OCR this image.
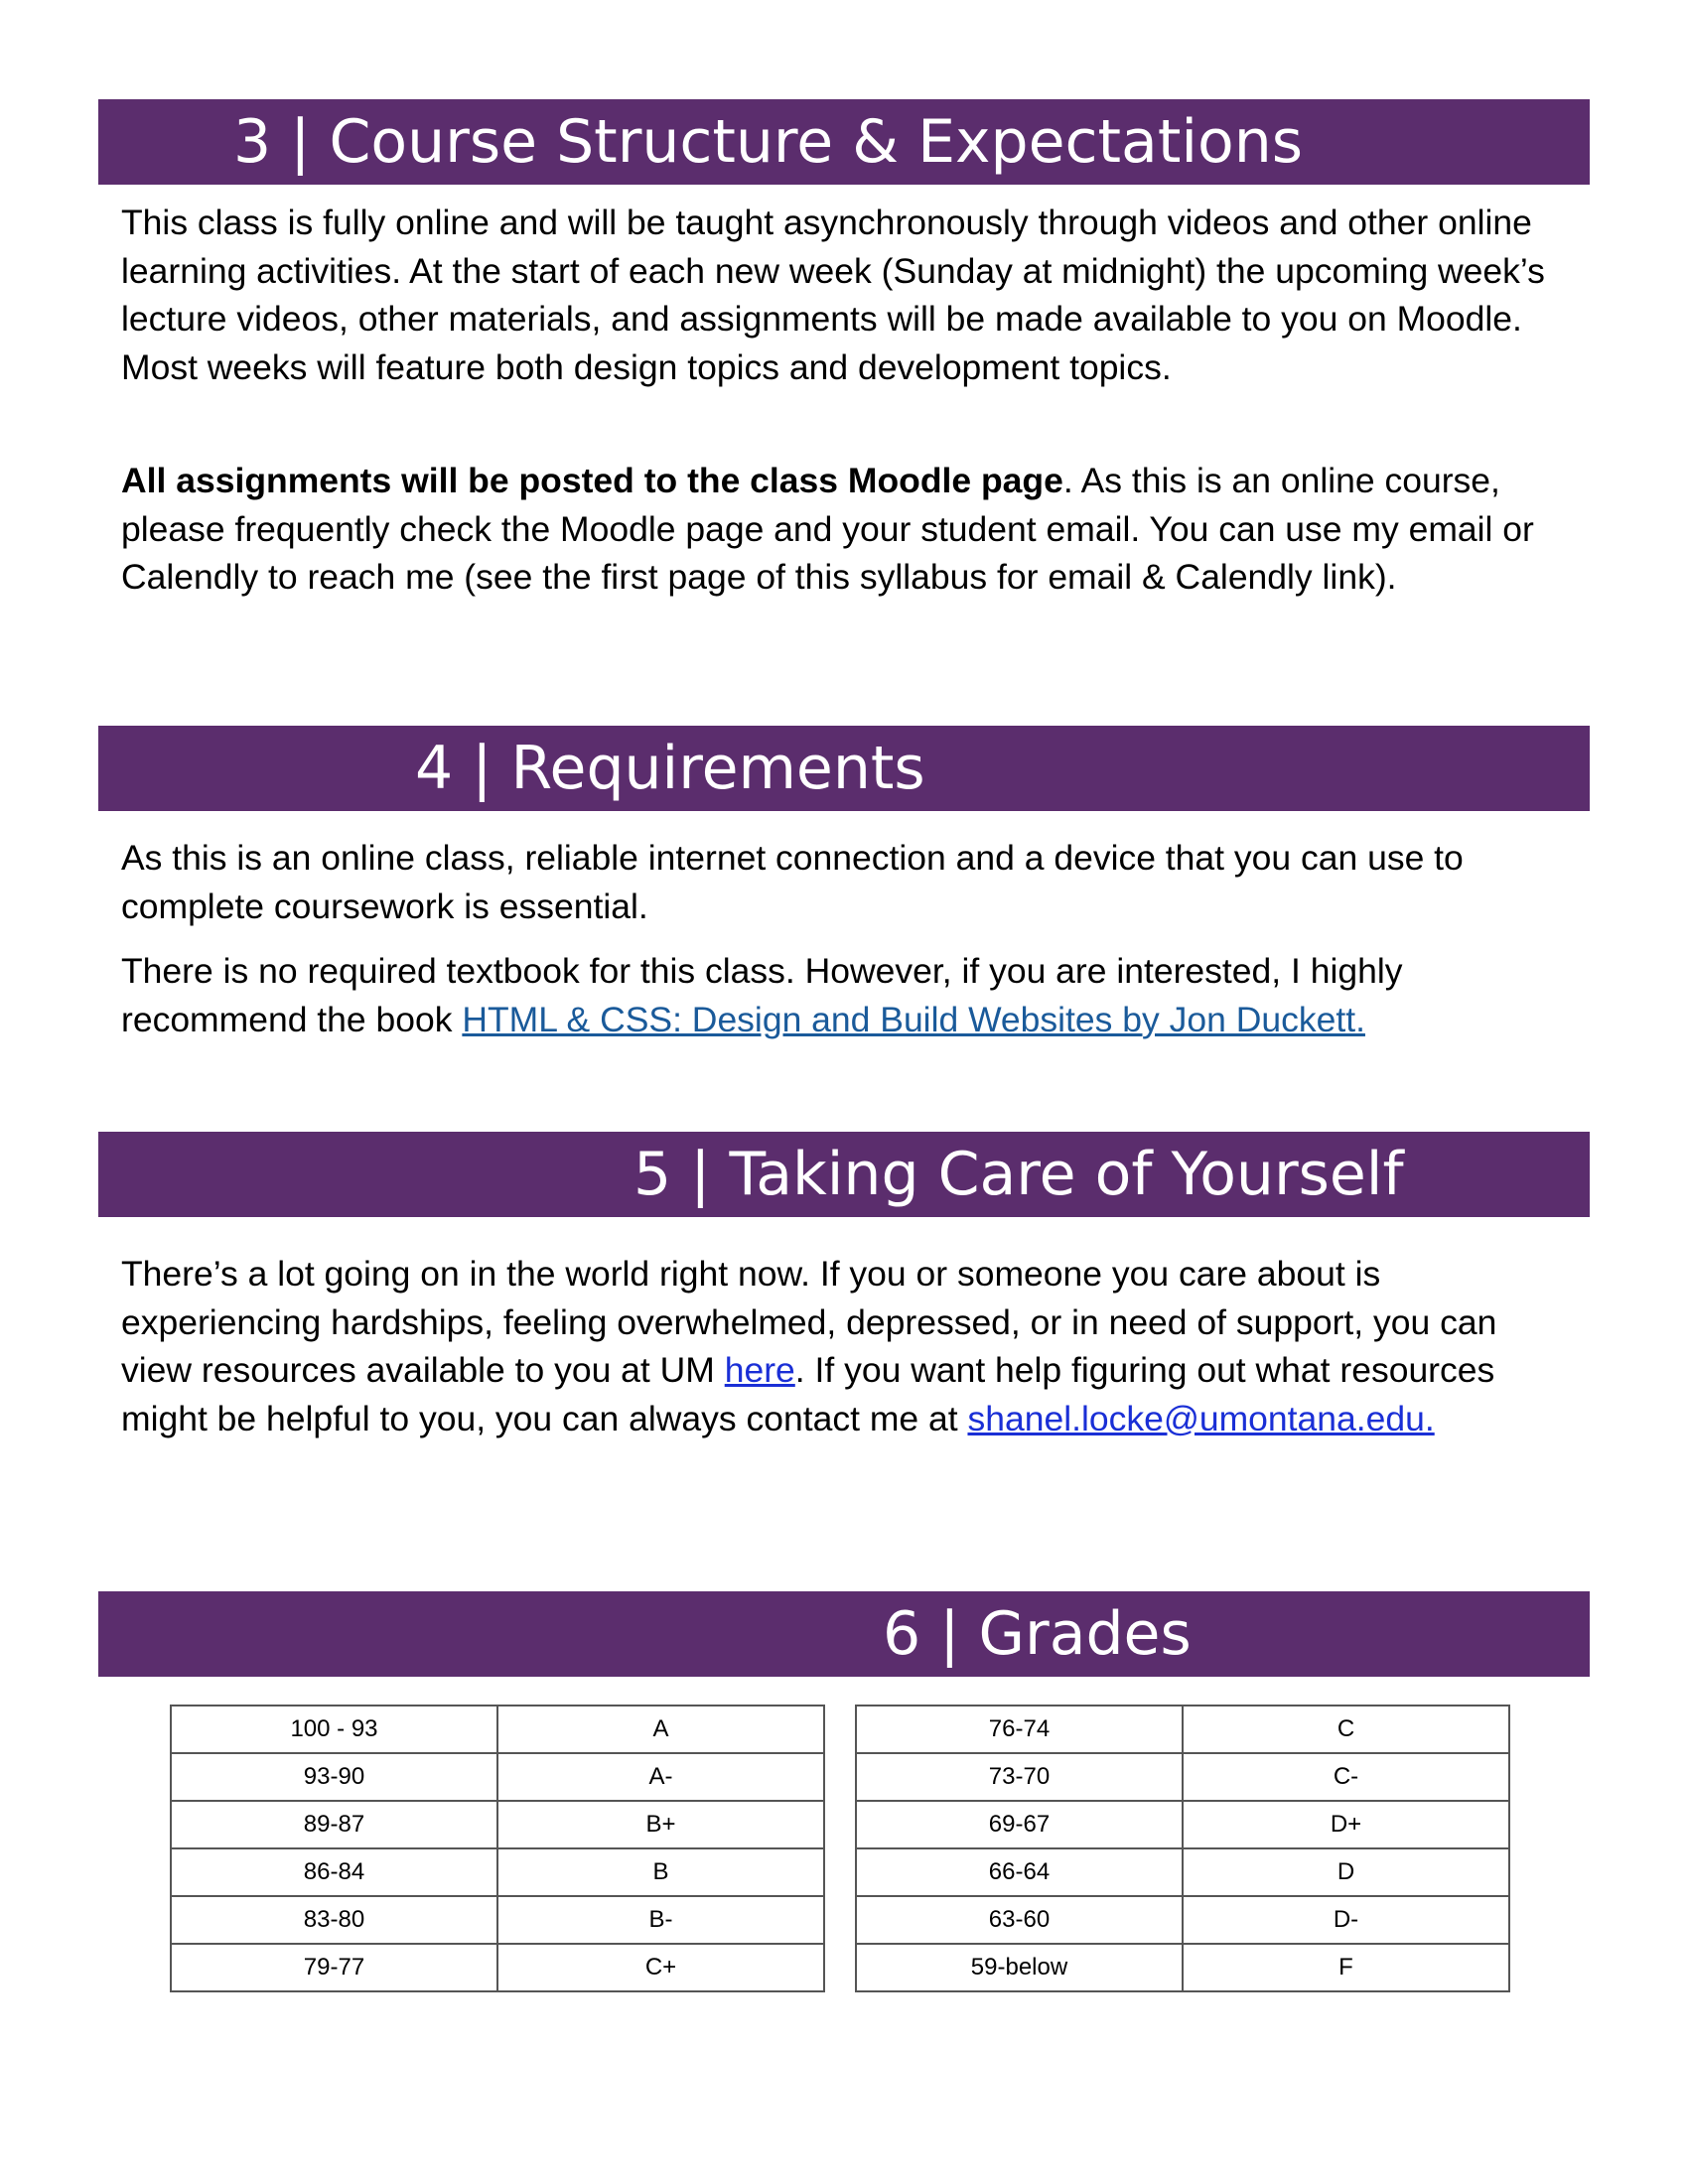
3 | Course Structure & Expectations

This class is fully online and will be taught asynchronously through videos and other online learning activities. At the start of each new week (Sunday at midnight) the upcoming week’s lecture videos, other materials, and assignments will be made available to you on Moodle. Most weeks will feature both design topics and development topics.

All assignments will be posted to the class Moodle page. As this is an online course, please frequently check the Moodle page and your student email. You can use my email or Calendly to reach me (see the first page of this syllabus for email & Calendly link).

4 | Requirements

As this is an online class, reliable internet connection and a device that you can use to complete coursework is essential.

There is no required textbook for this class. However, if you are interested, I highly recommend the book HTML & CSS: Design and Build Websites by Jon Duckett.

5 | Taking Care of Yourself

There’s a lot going on in the world right now. If you or someone you care about is experiencing hardships, feeling overwhelmed, depressed, or in need of support, you can view resources available to you at UM here. If you want help figuring out what resources might be helpful to you, you can always contact me at shanel.locke@umontana.edu.

6 | Grades
100 - 93	A
93-90	A-
89-87	B+
86-84	B
83-80	B-
79-77	C+
76-74	C
73-70	C-
69-67	D+
66-64	D
63-60	D-
59-below	F
